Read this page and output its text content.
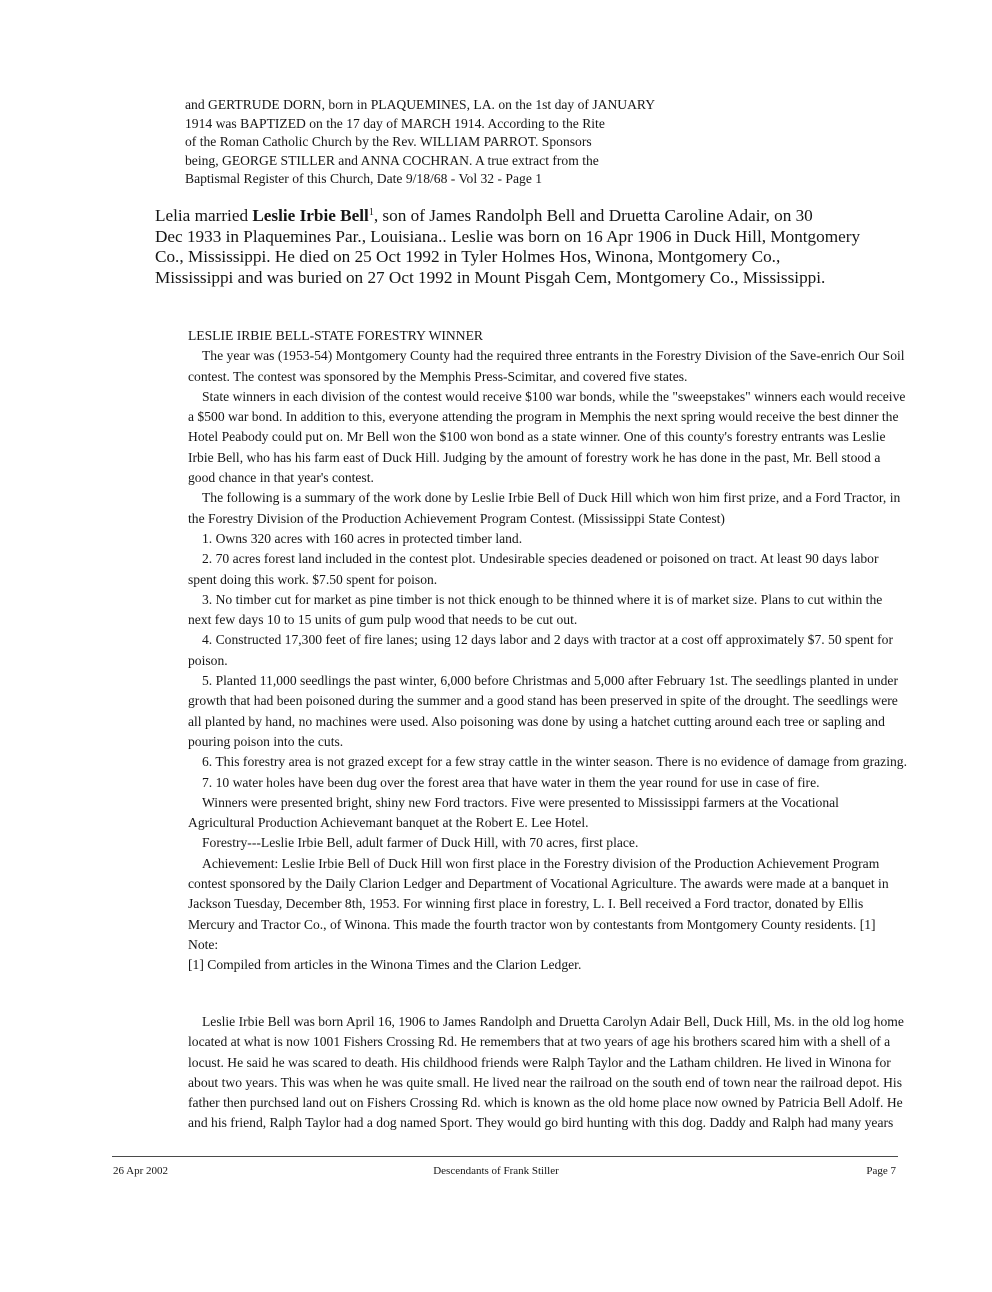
and GERTRUDE DORN, born in PLAQUEMINES, LA. on the 1st day of JANUARY
1914 was BAPTIZED on the 17 day of MARCH 1914. According to the Rite
of the Roman Catholic Church by the Rev. WILLIAM PARROT. Sponsors
being, GEORGE STILLER and ANNA COCHRAN. A true extract from the
Baptismal Register of this Church, Date 9/18/68 - Vol 32 - Page 1
Lelia married Leslie Irbie Bell$^1$, son of James Randolph Bell and Druetta Caroline Adair, on 30
Dec 1933 in Plaquemines Par., Louisiana.. Leslie was born on 16 Apr 1906 in Duck Hill, Montgomery
Co., Mississippi. He died on 25 Oct 1992 in Tyler Holmes Hos, Winona, Montgomery Co.,
Mississippi and was buried on 27 Oct 1992 in Mount Pisgah Cem, Montgomery Co., Mississippi.
LESLIE IRBIE BELL-STATE FORESTRY WINNER

The year was (1953-54) Montgomery County had the required three entrants in the Forestry Division of the Save-enrich Our Soil contest. The contest was sponsored by the Memphis Press-Scimitar, and covered five states.

State winners in each division of the contest would receive $100 war bonds, while the "sweepstakes" winners each would receive a $500 war bond. In addition to this, everyone attending the program in Memphis the next spring would receive the best dinner the Hotel Peabody could put on. Mr Bell won the $100 won bond as a state winner. One of this county's forestry entrants was Leslie Irbie Bell, who has his farm east of Duck Hill. Judging by the amount of forestry work he has done in the past, Mr. Bell stood a good chance in that year's contest.

The following is a summary of the work done by Leslie Irbie Bell of Duck Hill which won him first prize, and a Ford Tractor, in the Forestry Division of the Production Achievement Program Contest. (Mississippi State Contest)

1. Owns 320 acres with 160 acres in protected timber land.

2. 70 acres forest land included in the contest plot. Undesirable species deadened or poisoned on tract. At least 90 days labor spent doing this work. $7.50 spent for poison.

3. No timber cut for market as pine timber is not thick enough to be thinned where it is of market size. Plans to cut within the next few days 10 to 15 units of gum pulp wood that needs to be cut out.

4. Constructed 17,300 feet of fire lanes; using 12 days labor and 2 days with tractor at a cost off approximately $7. 50 spent for poison.

5. Planted 11,000 seedlings the past winter, 6,000 before Christmas and 5,000 after February 1st. The seedlings planted in under growth that had been poisoned during the summer and a good stand has been preserved in spite of the drought. The seedlings were all planted by hand, no machines were used. Also poisoning was done by using a hatchet cutting around each tree or sapling and pouring poison into the cuts.

6. This forestry area is not grazed except for a few stray cattle in the winter season. There is no evidence of damage from grazing.

7. 10 water holes have been dug over the forest area that have water in them the year round for use in case of fire.

Winners were presented bright, shiny new Ford tractors. Five were presented to Mississippi farmers at the Vocational Agricultural Production Achievemant banquet at the Robert E. Lee Hotel.

Forestry---Leslie Irbie Bell, adult farmer of Duck Hill, with 70 acres, first place.

Achievement: Leslie Irbie Bell of Duck Hill won first place in the Forestry division of the Production Achievement Program contest sponsored by the Daily Clarion Ledger and Department of Vocational Agriculture. The awards were made at a banquet in Jackson Tuesday, December 8th, 1953. For winning first place in forestry, L. I. Bell received a Ford tractor, donated by Ellis Mercury and Tractor Co., of Winona. This made the fourth tractor won by contestants from Montgomery County residents. [1]

Note:

[1] Compiled from articles in the Winona Times and the Clarion Ledger.

Leslie Irbie Bell was born April 16, 1906 to James Randolph and Druetta Carolyn Adair Bell, Duck Hill, Ms. in the old log home located at what is now 1001 Fishers Crossing Rd. He remembers that at two years of age his brothers scared him with a shell of a locust. He said he was scared to death. His childhood friends were Ralph Taylor and the Latham children. He lived in Winona for about two years. This was when he was quite small. He lived near the railroad on the south end of town near the railroad depot. His father then purchsed land out on Fishers Crossing Rd. which is known as the old home place now owned by Patricia Bell Adolf. He and his friend, Ralph Taylor had a dog named Sport. They would go bird hunting with this dog. Daddy and Ralph had many years

26 Apr 2002	Descendants of Frank Stiller	Page 7
